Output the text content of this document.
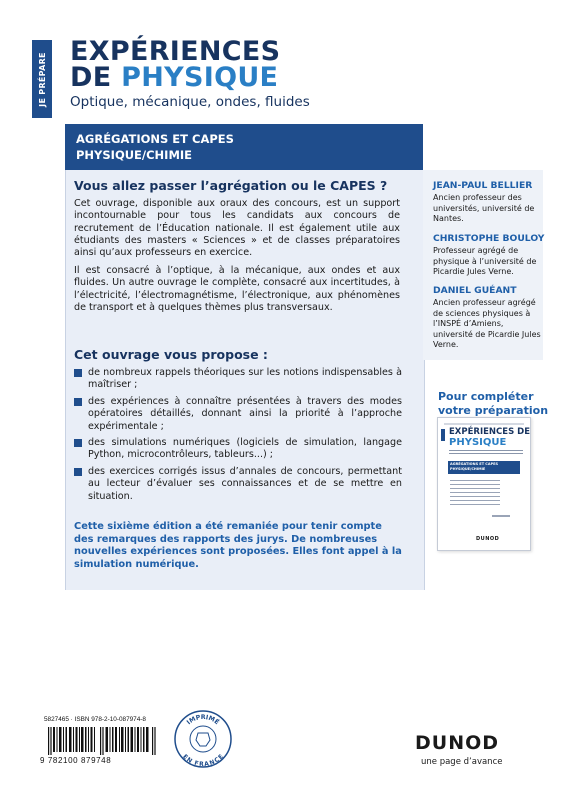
JE PRÉPARE
EXPÉRIENCES
DE PHYSIQUE
Optique, mécanique, ondes, fluides
AGRÉGATIONS ET CAPES
PHYSIQUE/CHIMIE
Vous allez passer l’agrégation ou le CAPES ?
Cet ouvrage, disponible aux oraux des concours, est un support incontournable pour tous les candidats aux concours de recrutement de l’Éducation nationale. Il est également utile aux étudiants des masters « Sciences » et de classes préparatoires ainsi qu’aux professeurs en exercice.
Il est consacré à l’optique, à la mécanique, aux ondes et aux fluides. Un autre ouvrage le complète, consacré aux incertitudes, à l’électricité, l’électromagnétisme, l’électronique, aux phénomènes de transport et à quelques thèmes plus transversaux.
Cet ouvrage vous propose :
de nombreux rappels théoriques sur les notions indispensables à maîtriser ;
des expériences à connaître présentées à travers des modes opératoires détaillés, donnant ainsi la priorité à l’approche expérimentale ;
des simulations numériques (logiciels de simulation, langage Python, microcontrôleurs, tableurs...) ;
des exercices corrigés issus d’annales de concours, permettant au lecteur d’évaluer ses connaissances et de se mettre en situation.
Cette sixième édition a été remaniée pour tenir compte des remarques des rapports des jurys. De nombreuses nouvelles expériences sont proposées. Elles font appel à la simulation numérique.
JEAN-PAUL BELLIER
Ancien professeur des universités, université de Nantes.
CHRISTOPHE BOULOY
Professeur agrégé de physique à l’université de Picardie Jules Verne.
DANIEL GUÉANT
Ancien professeur agrégé de sciences physiques à l’INSPÉ d’Amiens, université de Picardie Jules Verne.
Pour compléter
votre préparation
EXPÉRIENCES DE
PHYSIQUE
AGRÉGATIONS ET CAPES
PHYSIQUE/CHIMIE
DUNOD
5827465 · ISBN 978-2-10-087974-8
9 782100 879748
IMPRIMÉ
EN FRANCE
DUNOD
une page d’avance
